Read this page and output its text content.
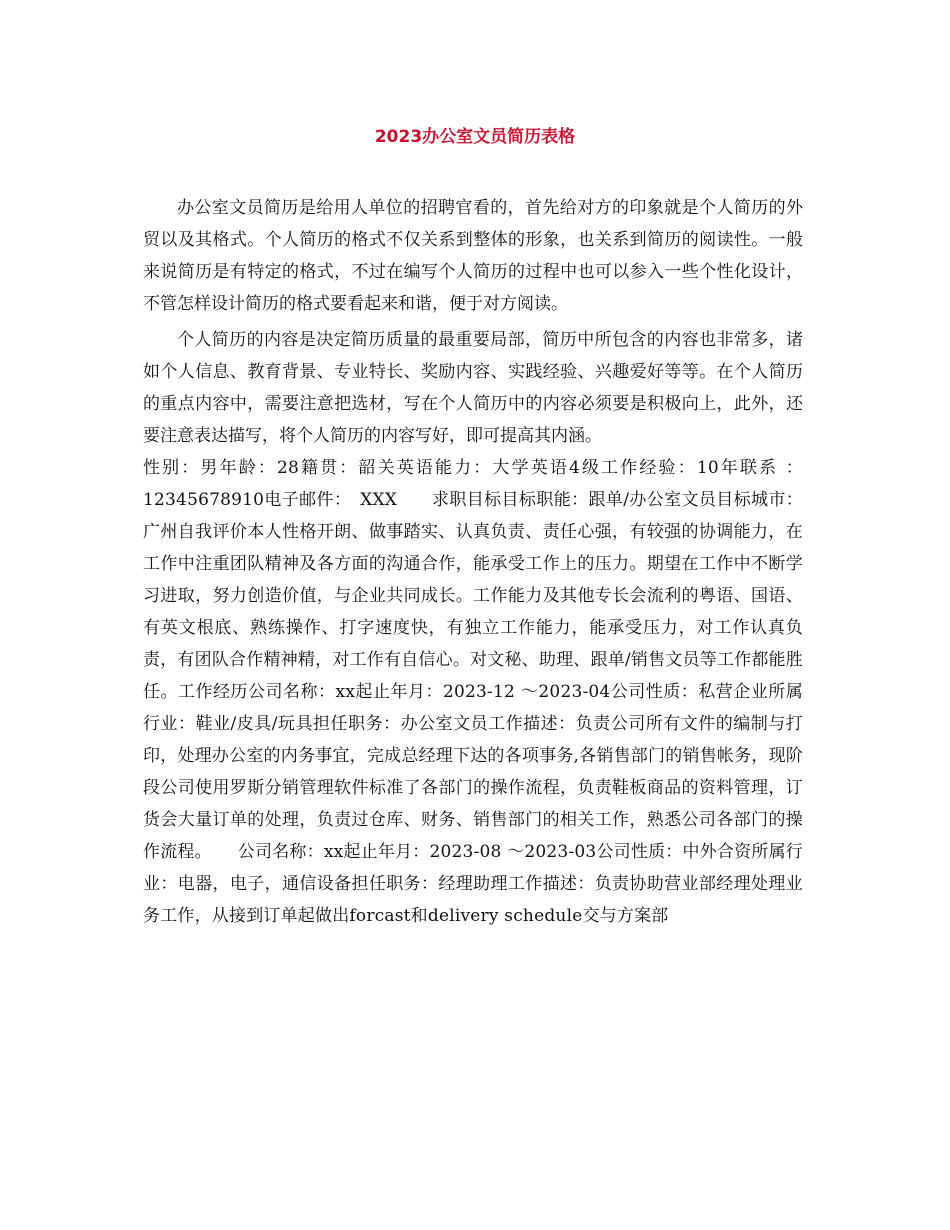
2023办公室文员简历表格

办公室文员简历是给用人单位的招聘官看的，首先给对方的印象就是个人简历的外贸以及其格式。个人简历的格式不仅关系到整体的形象，也关系到简历的阅读性。一般来说简历是有特定的格式，不过在编写个人简历的过程中也可以参入一些个性化设计，不管怎样设计简历的格式要看起来和谐，便于对方阅读。

个人简历的内容是决定简历质量的最重要局部，简历中所包含的内容也非常多，诸如个人信息、教育背景、专业特长、奖励内容、实践经验、兴趣爱好等等。在个人简历的重点内容中，需要注意把选材，写在个人简历中的内容必须要是积极向上，此外，还要注意表达描写，将个人简历的内容写好，即可提高其内涵。

性别：男年龄：28籍贯：韶关英语能力：大学英语4级工作经验：10年联系 ：12345678910电子邮件：　XXX　　求职目标目标职能：跟单/办公室文员目标城市：广州自我评价本人性格开朗、做事踏实、认真负责、责任心强，有较强的协调能力，在工作中注重团队精神及各方面的沟通合作，能承受工作上的压力。期望在工作中不断学习进取，努力创造价值，与企业共同成长。工作能力及其他专长会流利的粤语、国语、有英文根底、熟练操作、打字速度快，有独立工作能力，能承受压力，对工作认真负责，有团队合作精神精，对工作有自信心。对文秘、助理、跟单/销售文员等工作都能胜任。工作经历公司名称：xx起止年月：2023-12 ～2023-04公司性质：私营企业所属行业：鞋业/皮具/玩具担任职务：办公室文员工作描述：负责公司所有文件的编制与打印，处理办公室的内务事宜，完成总经理下达的各项事务,各销售部门的销售帐务，现阶段公司使用罗斯分销管理软件标准了各部门的操作流程，负责鞋板商品的资料管理，订货会大量订单的处理，负责过仓库、财务、销售部门的相关工作，熟悉公司各部门的操作流程。　　公司名称：xx起止年月：2023-08 ～2023-03公司性质：中外合资所属行业：电器，电子，通信设备担任职务：经理助理工作描述：负责协助营业部经理处理业务工作，从接到订单起做出forcast和delivery schedule交与方案部
